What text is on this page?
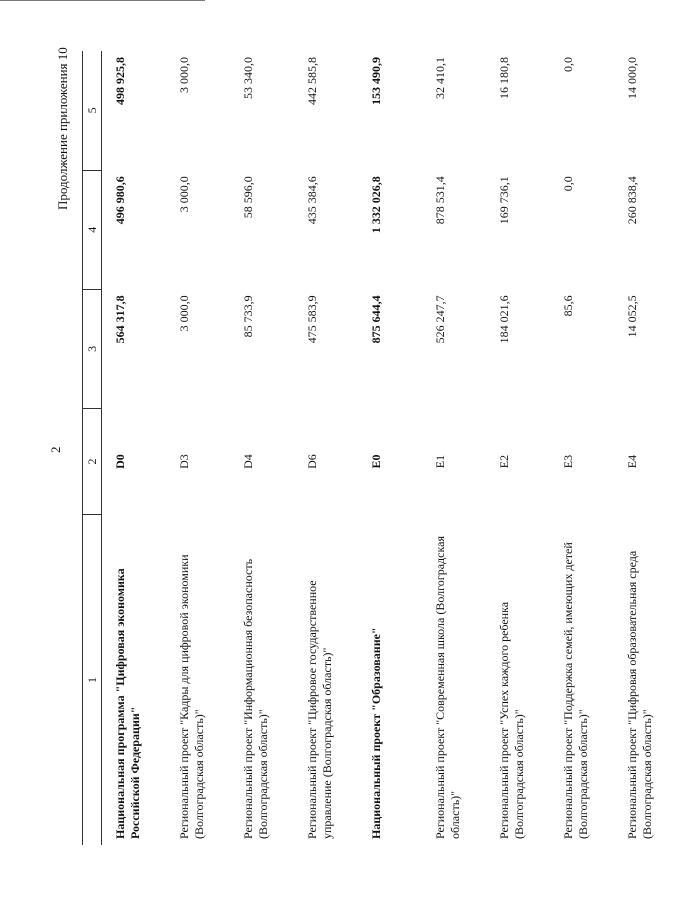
2
Продолжение приложения 10
1	2	3	4	5
Национальная программа "Цифровая экономика Российской Федерации"	D0	564 317,8	496 980,6	498 925,8
Региональный проект "Кадры для цифровой экономики (Волгоградская область)"	D3	3 000,0	3 000,0	3 000,0
Региональный проект "Информационная безопасность (Волгоградская область)"	D4	85 733,9	58 596,0	53 340,0
Региональный проект "Цифровое государственное управление (Волгоградская область)"	D6	475 583,9	435 384,6	442 585,8
Национальный проект "Образование"	E0	875 644,4	1 332 026,8	153 490,9
Региональный проект "Современная школа (Волгоградская область)"	E1	526 247,7	878 531,4	32 410,1
Региональный проект "Успех каждого ребенка (Волгоградская область)"	E2	184 021,6	169 736,1	16 180,8
Региональный проект "Поддержка семей, имеющих детей (Волгоградская область)"	E3	85,6	0,0	0,0
Региональный проект "Цифровая образовательная среда (Волгоградская область)"	E4	14 052,5	260 838,4	14 000,0
